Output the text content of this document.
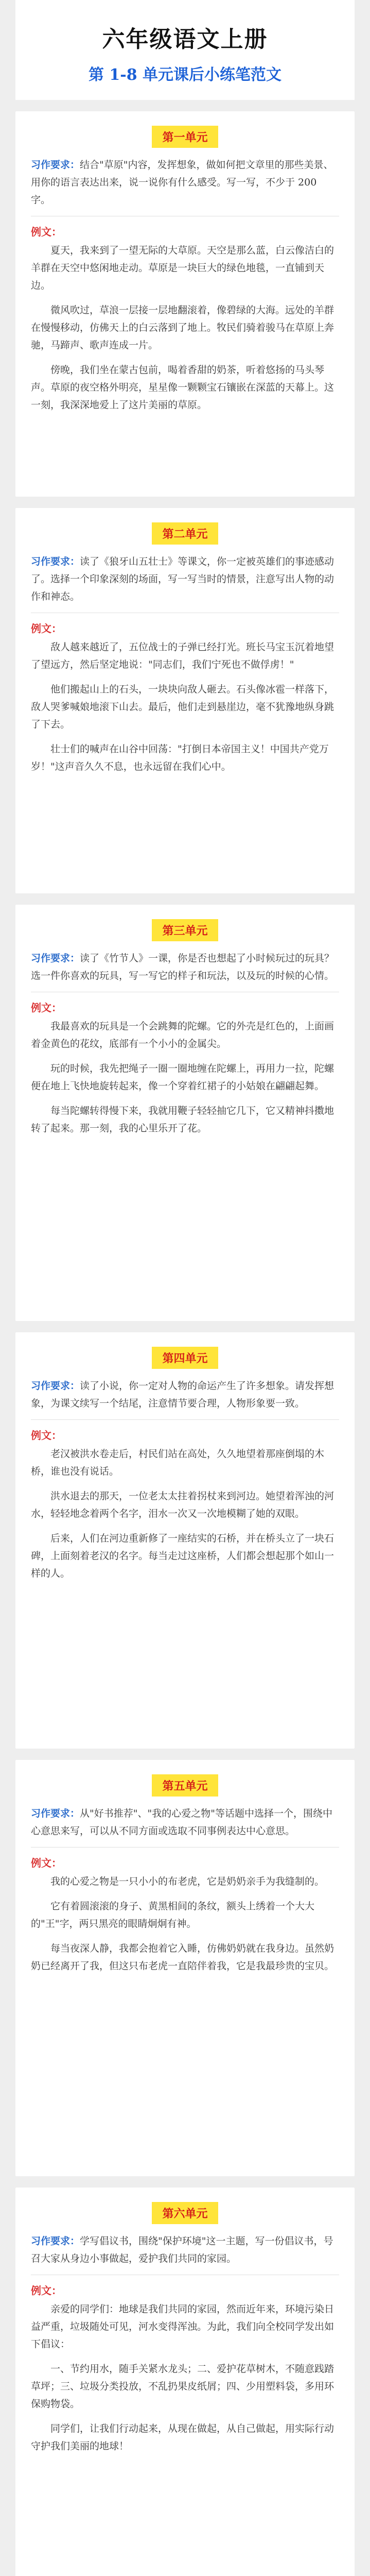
六年级语文上册
第 1-8 单元课后小练笔范文
第一单元

习作要求：结合"草原"内容，发挥想象，做如何把文章里的那些美景、用你的语言表达出来，说一说你有什么感受。写一写，不少于 200 字。

例文：

夏天，我来到了一望无际的大草原。天空是那么蓝，白云像洁白的羊群在天空中悠闲地走动。草原是一块巨大的绿色地毯，一直铺到天边。

微风吹过，草浪一层接一层地翻滚着，像碧绿的大海。远处的羊群在慢慢移动，仿佛天上的白云落到了地上。牧民们骑着骏马在草原上奔驰，马蹄声、歌声连成一片。

傍晚，我们坐在蒙古包前，喝着香甜的奶茶，听着悠扬的马头琴声。草原的夜空格外明亮，星星像一颗颗宝石镶嵌在深蓝的天幕上。这一刻，我深深地爱上了这片美丽的草原。

第二单元

习作要求：读了《狼牙山五壮士》等课文，你一定被英雄们的事迹感动了。选择一个印象深刻的场面，写一写当时的情景，注意写出人物的动作和神态。

例文：

敌人越来越近了，五位战士的子弹已经打光。班长马宝玉沉着地望了望远方，然后坚定地说："同志们，我们宁死也不做俘虏！"

他们搬起山上的石头，一块块向敌人砸去。石头像冰雹一样落下，敌人哭爹喊娘地滚下山去。最后，他们走到悬崖边，毫不犹豫地纵身跳了下去。

壮士们的喊声在山谷中回荡："打倒日本帝国主义！中国共产党万岁！"这声音久久不息，也永远留在我们心中。

第三单元

习作要求：读了《竹节人》一课，你是否也想起了小时候玩过的玩具？选一件你喜欢的玩具，写一写它的样子和玩法，以及玩的时候的心情。

例文：

我最喜欢的玩具是一个会跳舞的陀螺。它的外壳是红色的，上面画着金黄色的花纹，底部有一个小小的金属尖。

玩的时候，我先把绳子一圈一圈地缠在陀螺上，再用力一拉，陀螺便在地上飞快地旋转起来，像一个穿着红裙子的小姑娘在翩翩起舞。

每当陀螺转得慢下来，我就用鞭子轻轻抽它几下，它又精神抖擞地转了起来。那一刻，我的心里乐开了花。

第四单元

习作要求：读了小说，你一定对人物的命运产生了许多想象。请发挥想象，为课文续写一个结尾，注意情节要合理，人物形象要一致。

例文：

老汉被洪水卷走后，村民们站在高处，久久地望着那座倒塌的木桥，谁也没有说话。

洪水退去的那天，一位老太太拄着拐杖来到河边。她望着浑浊的河水，轻轻地念着两个名字，泪水一次又一次地模糊了她的双眼。

后来，人们在河边重新修了一座结实的石桥，并在桥头立了一块石碑，上面刻着老汉的名字。每当走过这座桥，人们都会想起那个如山一样的人。

第五单元

习作要求：从"好书推荐"、"我的心爱之物"等话题中选择一个，围绕中心意思来写，可以从不同方面或选取不同事例表达中心意思。

例文：

我的心爱之物是一只小小的布老虎，它是奶奶亲手为我缝制的。

它有着圆滚滚的身子、黄黑相间的条纹，额头上绣着一个大大的"王"字，两只黑亮的眼睛炯炯有神。

每当夜深人静，我都会抱着它入睡，仿佛奶奶就在我身边。虽然奶奶已经离开了我，但这只布老虎一直陪伴着我，它是我最珍贵的宝贝。

第六单元

习作要求：学写倡议书，围绕"保护环境"这一主题，写一份倡议书，号召大家从身边小事做起，爱护我们共同的家园。

例文：

亲爱的同学们：地球是我们共同的家园，然而近年来，环境污染日益严重，垃圾随处可见，河水变得浑浊。为此，我们向全校同学发出如下倡议：

一、节约用水，随手关紧水龙头；二、爱护花草树木，不随意践踏草坪；三、垃圾分类投放，不乱扔果皮纸屑；四、少用塑料袋，多用环保购物袋。

同学们，让我们行动起来，从现在做起，从自己做起，用实际行动守护我们美丽的地球！
